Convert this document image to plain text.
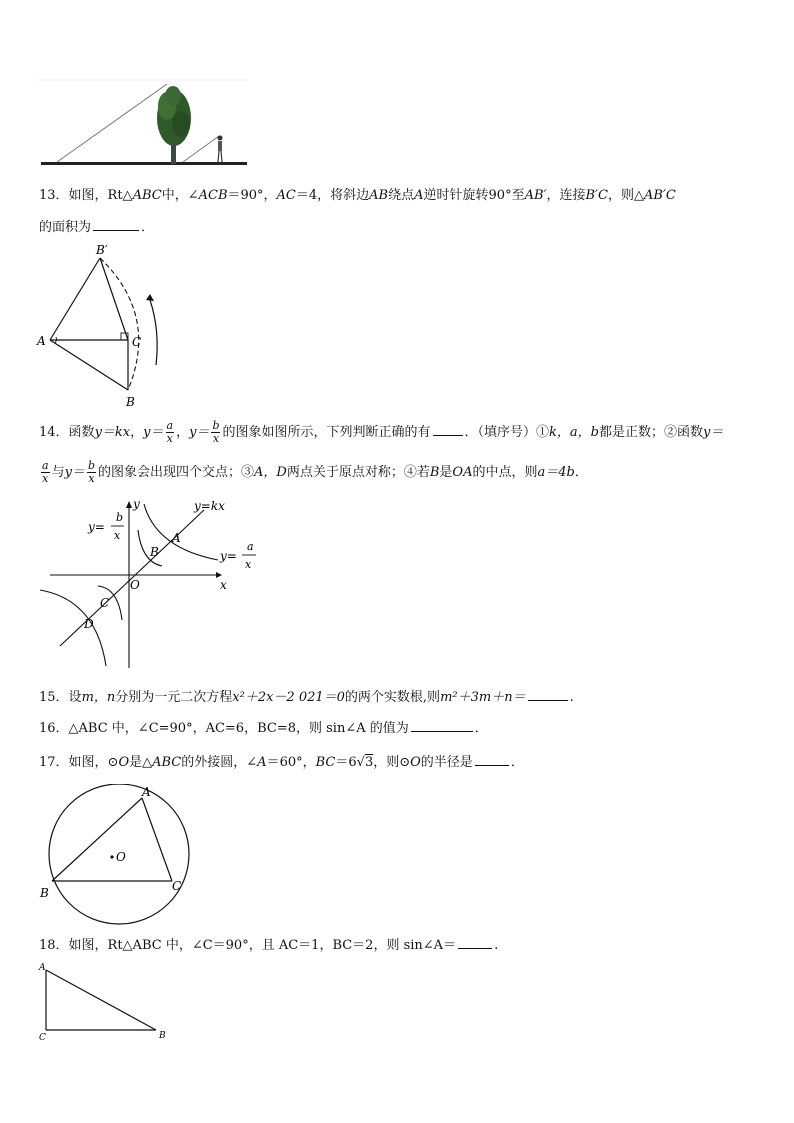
13．如图，Rt△ABC中，∠ACB＝90°，AC＝4，将斜边AB绕点A逆时针旋转90°至AB′，连接B′C，则△AB′C
的面积为	．
B′
A	C
B
14．函数y＝kx，$y= \frac{a}{x}$ ，$y= \frac{b}{x}$ 的图象如图所示，下列判断正确的有	．（填序号）①k，a，b都是正数；②函数y＝
$\frac{a}{x}$ 与$y= \frac{b}{x}$ 的图象会出现四个交点；③A，D两点关于原点对称；④若B是OA的中点，则a＝4b．
y=kx
y=
b
x
y=
a
x
y
x
O
A
B
C
D
15．设m，n分别为一元二次方程x²＋2x－2 021＝0的两个实数根,则m²＋3m＋n＝	.
16．△ABC 中，∠C=90°，AC=6，BC=8，则 sin∠A 的值为	．
17．如图，⊙O是△ABC的外接圆，∠A＝60°，BC＝6√3，则⊙O的半径是	．
A
B	C
O
18．如图，Rt△ABC 中，∠C＝90°，且 AC＝1，BC＝2，则 sin∠A＝	.
A
C	B
